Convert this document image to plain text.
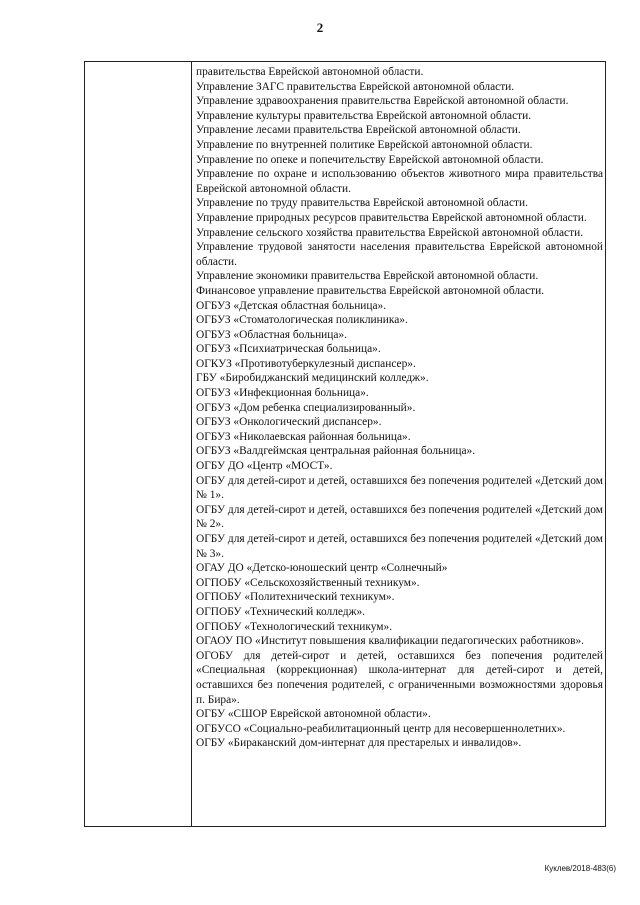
2

правительства Еврейской автономной области.

Управление ЗАГС правительства Еврейской автономной области.

Управление здравоохранения правительства Еврейской автономной области.

Управление культуры правительства Еврейской автономной области.

Управление лесами правительства Еврейской автономной области.

Управление по внутренней политике Еврейской автономной области.

Управление по опеке и попечительству Еврейской автономной области.

Управление по охране и использованию объектов животного мира правительства Еврейской автономной области.

Управление по труду правительства Еврейской автономной области.

Управление природных ресурсов правительства Еврейской автономной области.

Управление сельского хозяйства правительства Еврейской автономной области.

Управление трудовой занятости населения правительства Еврейской автономной области.

Управление экономики правительства Еврейской автономной области.

Финансовое управление правительства Еврейской автономной области.

ОГБУЗ «Детская областная больница».

ОГБУЗ «Стоматологическая поликлиника».

ОГБУЗ «Областная больница».

ОГБУЗ «Психиатрическая больница».

ОГКУЗ «Противотуберкулезный диспансер».

ГБУ «Биробиджанский медицинский колледж».

ОГБУЗ «Инфекционная больница».

ОГБУЗ «Дом ребенка специализированный».

ОГБУЗ «Онкологический диспансер».

ОГБУЗ «Николаевская районная больница».

ОГБУЗ «Валдгеймская центральная районная больница».

ОГБУ ДО «Центр «МОСТ».

ОГБУ для детей-сирот и детей, оставшихся без попечения родителей «Детский дом № 1».

ОГБУ для детей-сирот и детей, оставшихся без попечения родителей «Детский дом № 2».

ОГБУ для детей-сирот и детей, оставшихся без попечения родителей «Детский дом № 3».

ОГАУ ДО «Детско-юношеский центр «Солнечный»

ОГПОБУ «Сельскохозяйственный техникум».

ОГПОБУ «Политехнический техникум».

ОГПОБУ «Технический колледж».

ОГПОБУ «Технологический техникум».

ОГАОУ ПО «Институт повышения квалификации педагогических работников».

ОГОБУ для детей-сирот и детей, оставшихся без попечения родителей «Специальная (коррекционная) школа-интернат для детей-сирот и детей, оставшихся без попечения родителей, с ограниченными возможностями здоровья п. Бира».

ОГБУ «СШОР Еврейской автономной области».

ОГБУСО «Социально-реабилитационный центр для несовершеннолетних».

ОГБУ «Бираканский дом-интернат для престарелых и инвалидов».

Куклев/2018-483(6)
